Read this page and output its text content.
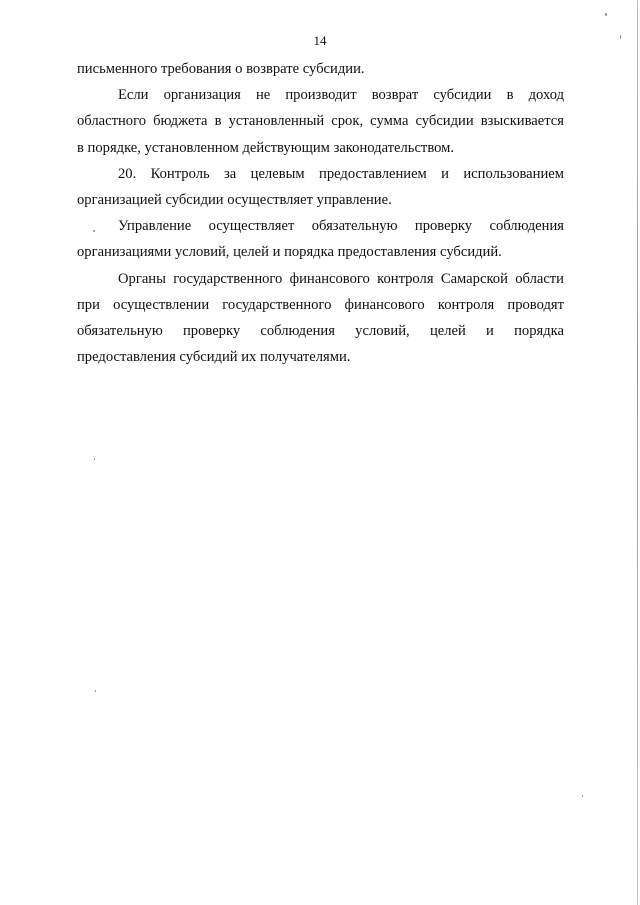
14
письменного требования о возврате субсидии.
Если организация не производит возврат субсидии в доход
областного бюджета в установленный срок, сумма субсидии взыскивается
в порядке, установленном действующим законодательством.
20. Контроль за целевым предоставлением и использованием
организацией субсидии осуществляет управление.
Управление осуществляет обязательную проверку соблюдения
организациями условий, целей и порядка предоставления субсидий.
Органы государственного финансового контроля Самарской области
при осуществлении государственного финансового контроля проводят
обязательную проверку соблюдения условий, целей и порядка
предоставления субсидий их получателями.
